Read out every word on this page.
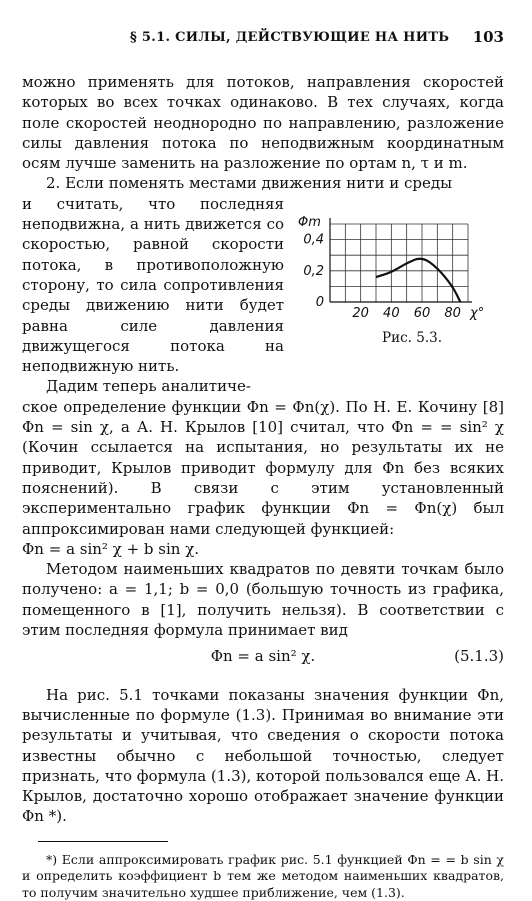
§ 5.1. СИЛЫ, ДЕЙСТВУЮЩИЕ НА НИТЬ 103

можно применять для потоков, направления скоростей которых во всех точках одинаково. В тех случаях, когда поле скоростей неоднородно по направлению, разложение силы давления потока по неподвижным координатным осям лучше заменить на разложение по ортам n, τ и m.

2. Если поменять местами движения нити и среды

и считать, что последняя неподвижна, а нить движется со скоростью, равной скорости потока, в противоположную сторону, то сила сопротивления среды движению нити будет равна силе давления движущегося потока на неподвижную нить.

Дадим теперь аналитиче-

0
0,2
0,4
20 40 60 80
Φm
χ°
Рис. 5.3.

ское определение функции Φn = Φn(χ). По Н. Е. Кочину [8] Φn = sin χ, а А. Н. Крылов [10] считал, что Φn = = sin² χ (Кочин ссылается на испытания, но результаты их не приводит, Крылов приводит формулу для Φn без всяких пояснений). В связи с этим установленный экспериментально график функции Φn = Φn(χ) был аппроксимирован нами следующей функцией:

Φn = a sin² χ + b sin χ.

Методом наименьших квадратов по девяти точкам было получено: a = 1,1; b = 0,0 (большую точность из графика, помещенного в [1], получить нельзя). В соответствии с этим последняя формула принимает вид

Φn = a sin² χ.	(5.1.3)

На рис. 5.1 точками показаны значения функции Φn, вычисленные по формуле (1.3). Принимая во внимание эти результаты и учитывая, что сведения о скорости потока известны обычно с небольшой точностью, следует признать, что формула (1.3), которой пользовался еще А. Н. Крылов, достаточно хорошо отображает значение функции Φn *).

*) Если аппроксимировать график рис. 5.1 функцией Φn = = b sin χ и определить коэффициент b тем же методом наименьших квадратов, то получим значительно худшее приближение, чем (1.3).
